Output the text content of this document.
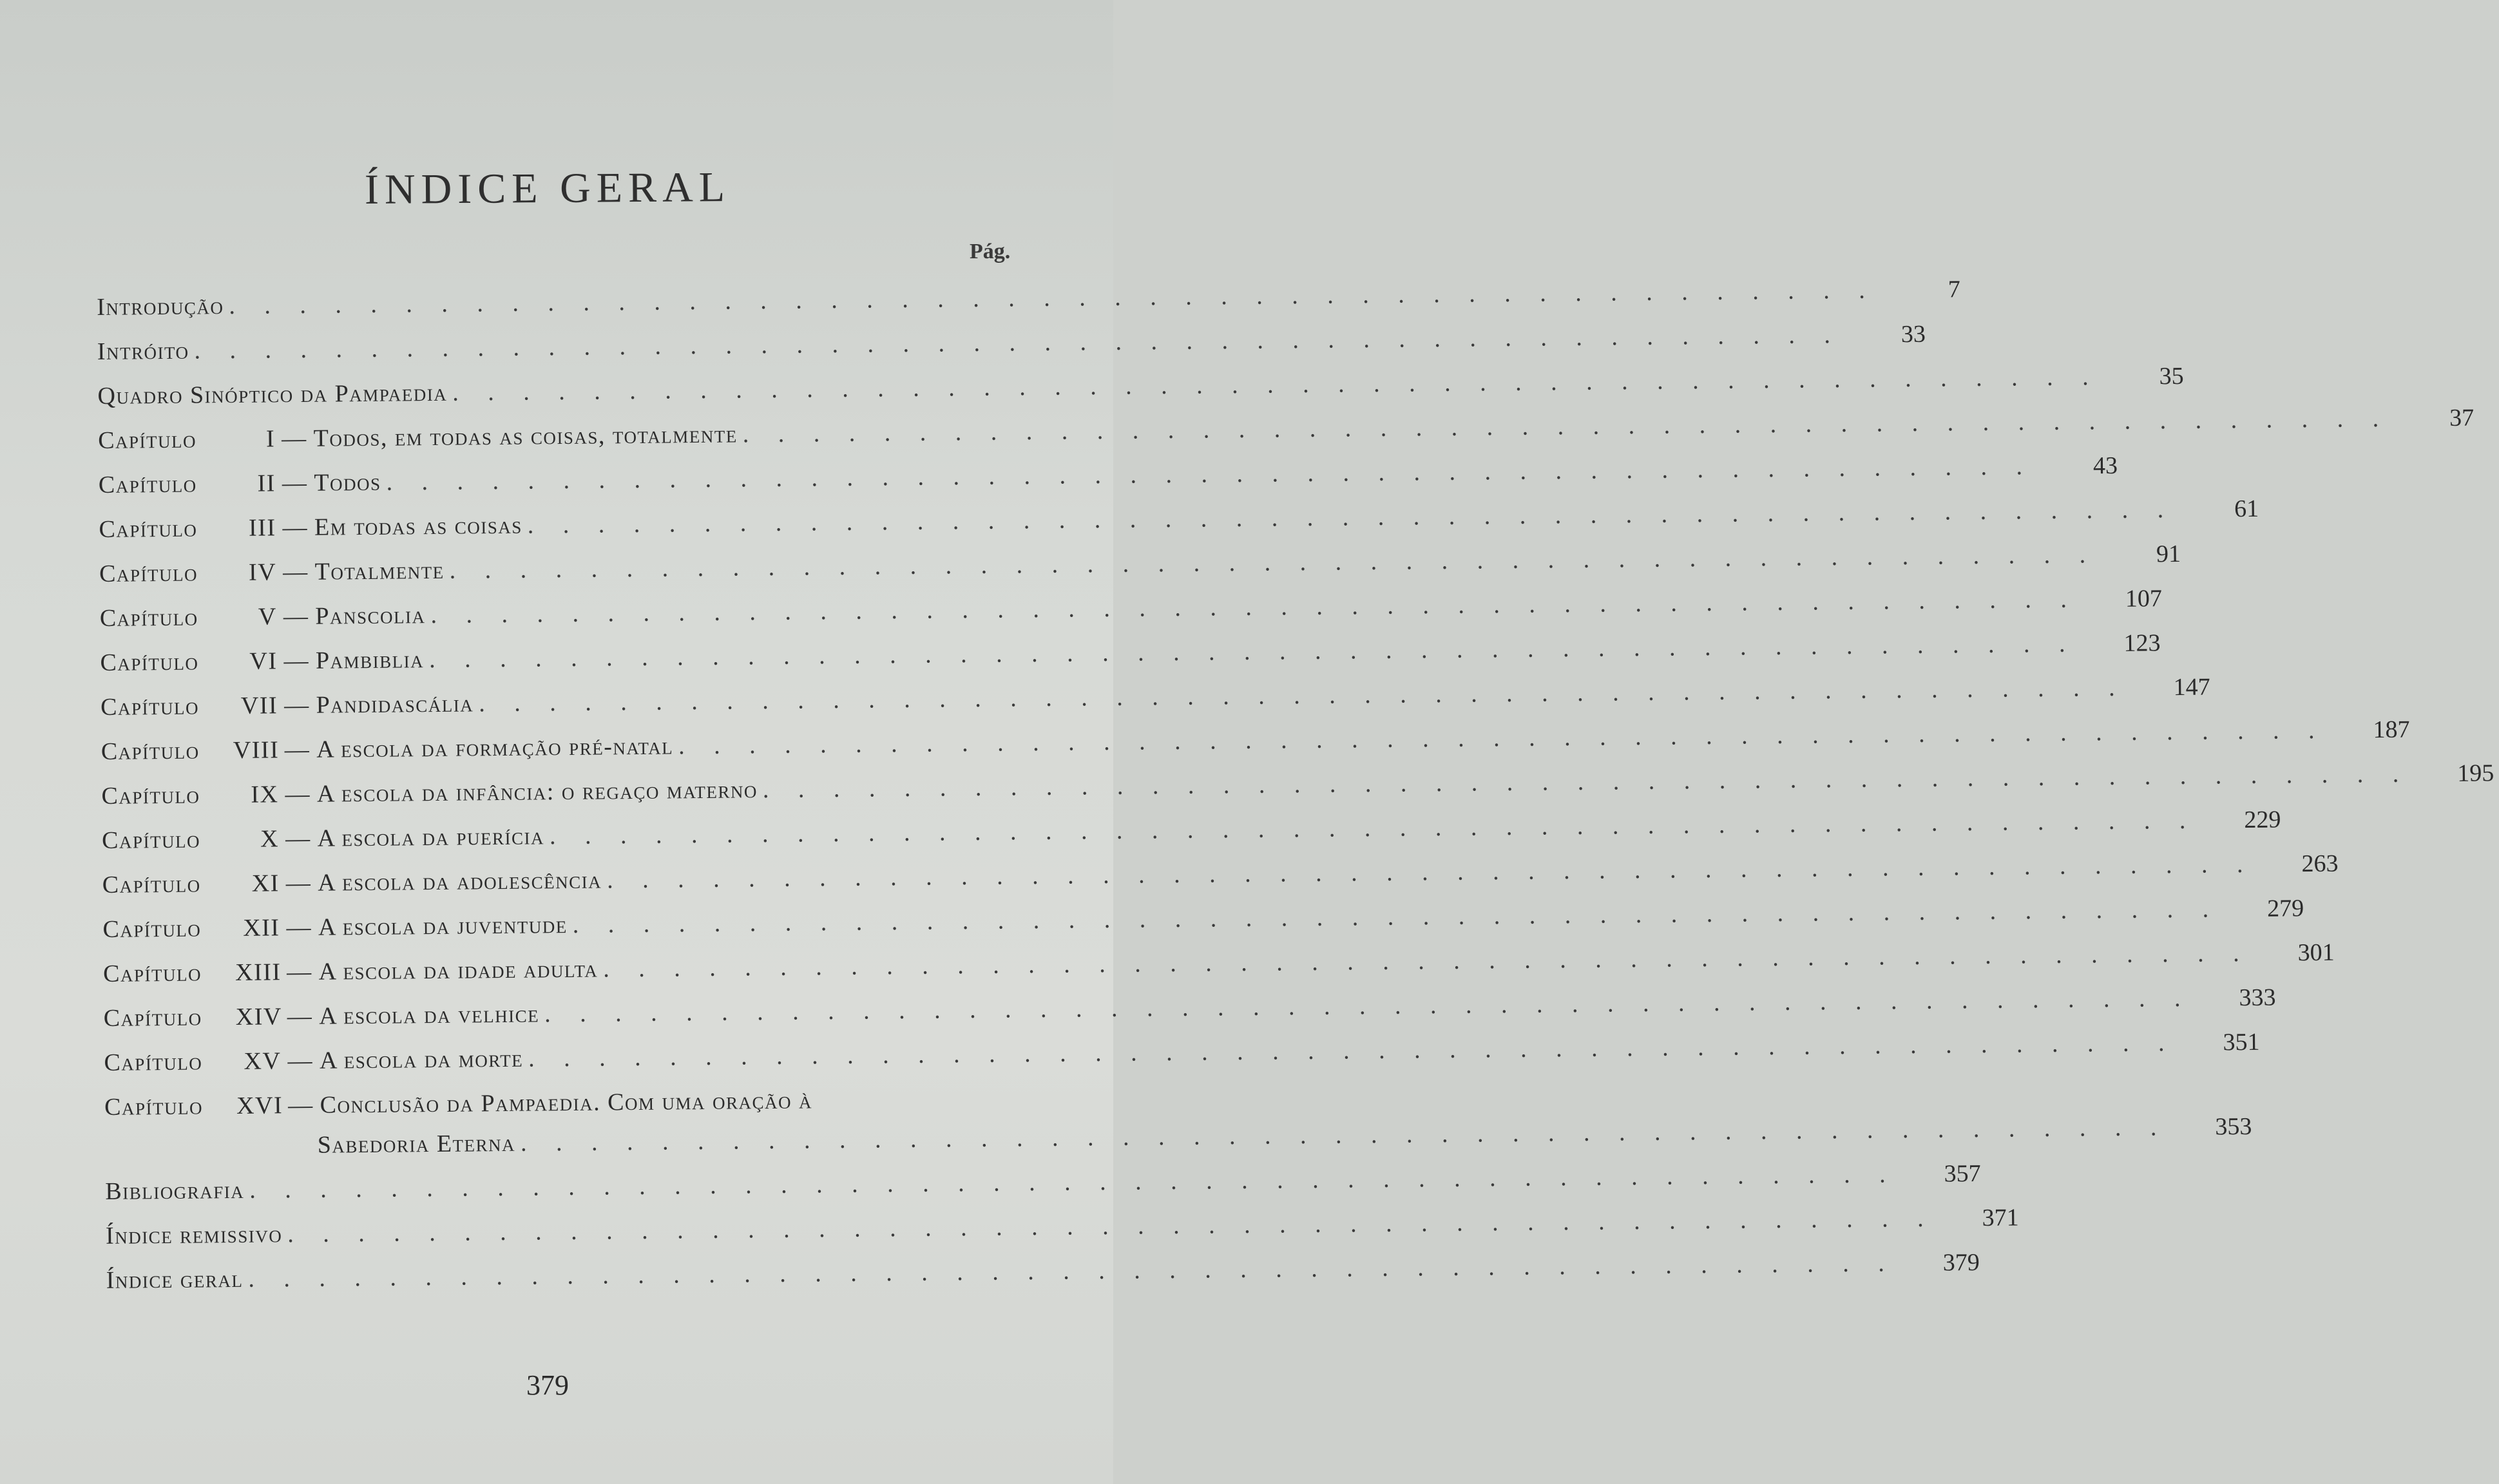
ÍNDICE GERAL
Pág.
Introdução . . . . . . . . . . . . . . . . . . . . . . . . . . . . . . . . . . . . . . . . . . . . . . .	7
Intróito . . . . . . . . . . . . . . . . . . . . . . . . . . . . . . . . . . . . . . . . . . . . . . .	33
Quadro Sinóptico da Pampaedia . . . . . . . . . . . . . . . . . . . . . . . . . . . . . . . . . . . . . . . . . . . . . . .	35
Capítulo	I — Todos, em todas as coisas, totalmente . . . . . . . . . . . . . . . . . . . . . . . . . . . . . . . . . . . . . . . . . . . . . . .	37
Capítulo II — Todos . . . . . . . . . . . . . . . . . . . . . . . . . . . . . . . . . . . . . . . . . . . . . . .	43
Capítulo III — Em todas as coisas . . . . . . . . . . . . . . . . . . . . . . . . . . . . . . . . . . . . . . . . . . . . . . .	61
Capítulo IV — Totalmente . . . . . . . . . . . . . . . . . . . . . . . . . . . . . . . . . . . . . . . . . . . . . . .	91
Capítulo V — Panscolia . . . . . . . . . . . . . . . . . . . . . . . . . . . . . . . . . . . . . . . . . . . . . . .	107
Capítulo VI — Pambiblia . . . . . . . . . . . . . . . . . . . . . . . . . . . . . . . . . . . . . . . . . . . . . . .	123
Capítulo VII — Pandidascália . . . . . . . . . . . . . . . . . . . . . . . . . . . . . . . . . . . . . . . . . . . . . . .	147
Capítulo VIII — A escola da formação pré-natal . . . . . . . . . . . . . . . . . . . . . . . . . . . . . . . . . . . . . . . . . . . . . . .	187
Capítulo IX — A escola da infância: o regaço materno . . . . . . . . . . . . . . . . . . . . . . . . . . . . . . . . . . . . . . . . . . . . . . .	195
Capítulo X — A escola da puerícia . . . . . . . . . . . . . . . . . . . . . . . . . . . . . . . . . . . . . . . . . . . . . . .	229
Capítulo XI — A escola da adolescência . . . . . . . . . . . . . . . . . . . . . . . . . . . . . . . . . . . . . . . . . . . . . . .	263
Capítulo XII — A escola da juventude . . . . . . . . . . . . . . . . . . . . . . . . . . . . . . . . . . . . . . . . . . . . . . .	279
Capítulo XIII — A escola da idade adulta . . . . . . . . . . . . . . . . . . . . . . . . . . . . . . . . . . . . . . . . . . . . . . .	301
Capítulo XIV — A escola da velhice . . . . . . . . . . . . . . . . . . . . . . . . . . . . . . . . . . . . . . . . . . . . . . .	333
Capítulo XV — A escola da morte . . . . . . . . . . . . . . . . . . . . . . . . . . . . . . . . . . . . . . . . . . . . . . .	351
Capítulo XVI — Conclusão da Pampaedia. Com uma oração à
Sabedoria Eterna . . . . . . . . . . . . . . . . . . . . . . . . . . . . . . . . . . . . . . . . . . . . . . .	353
Bibliografia . . . . . . . . . . . . . . . . . . . . . . . . . . . . . . . . . . . . . . . . . . . . . . .	357
Índice remissivo . . . . . . . . . . . . . . . . . . . . . . . . . . . . . . . . . . . . . . . . . . . . . . .	371
Índice geral . . . . . . . . . . . . . . . . . . . . . . . . . . . . . . . . . . . . . . . . . . . . . . .	379
379
